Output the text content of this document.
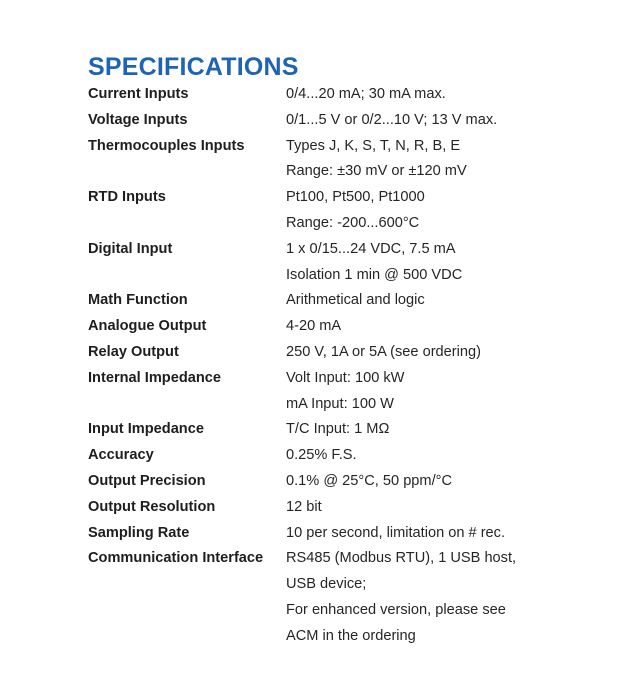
SPECIFICATIONS
Current Inputs	0/4...20 mA; 30 mA max.
Voltage Inputs	0/1...5 V or 0/2...10 V; 13 V max.
Thermocouples Inputs	Types J, K, S, T, N, R, B, E
Range: ±30 mV or ±120 mV
RTD Inputs	Pt100, Pt500, Pt1000
Range: -200...600°C
Digital Input	1 x 0/15...24 VDC, 7.5 mA
Isolation 1 min @ 500 VDC
Math Function	Arithmetical and logic
Analogue Output	4-20 mA
Relay Output	250 V, 1A or 5A (see ordering)
Internal Impedance	Volt Input: 100 kW
mA Input: 100 W
Input Impedance	T/C Input: 1 MΩ
Accuracy	0.25% F.S.
Output Precision	0.1% @ 25°C, 50 ppm/°C
Output Resolution	12 bit
Sampling Rate	10 per second, limitation on # rec.
Communication Interface	RS485 (Modbus RTU), 1 USB host,
USB device;
For enhanced version, please see
ACM in the ordering
